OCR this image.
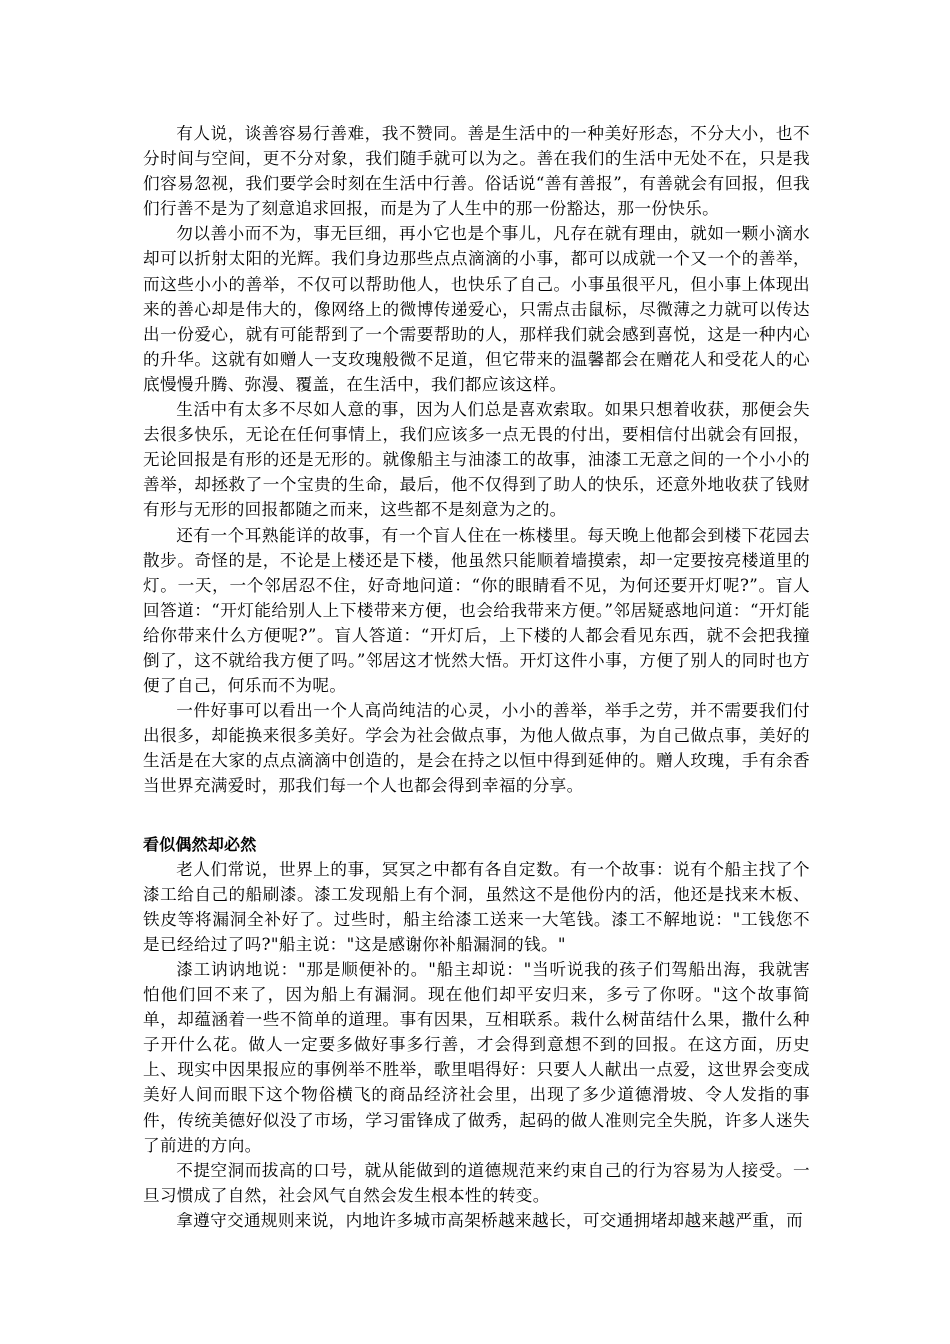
有人说，谈善容易行善难，我不赞同。善是生活中的一种美好形态，不分大小，也不分时间与空间，更不分对象，我们随手就可以为之。善在我们的生活中无处不在，只是我们容易忽视，我们要学会时刻在生活中行善。俗话说“善有善报”，有善就会有回报，但我们行善不是为了刻意追求回报，而是为了人生中的那一份豁达，那一份快乐。

勿以善小而不为，事无巨细，再小它也是个事儿，凡存在就有理由，就如一颗小滴水却可以折射太阳的光辉。我们身边那些点点滴滴的小事，都可以成就一个又一个的善举，而这些小小的善举，不仅可以帮助他人，也快乐了自己。小事虽很平凡，但小事上体现出来的善心却是伟大的，像网络上的微博传递爱心，只需点击鼠标，尽微薄之力就可以传达出一份爱心，就有可能帮到了一个需要帮助的人，那样我们就会感到喜悦，这是一种内心的升华。这就有如赠人一支玫瑰般微不足道，但它带来的温馨都会在赠花人和受花人的心底慢慢升腾、弥漫、覆盖，在生活中，我们都应该这样。

生活中有太多不尽如人意的事，因为人们总是喜欢索取。如果只想着收获，那便会失去很多快乐，无论在任何事情上，我们应该多一点无畏的付出，要相信付出就会有回报，无论回报是有形的还是无形的。就像船主与油漆工的故事，油漆工无意之间的一个小小的善举，却拯救了一个宝贵的生命，最后，他不仅得到了助人的快乐，还意外地收获了钱财有形与无形的回报都随之而来，这些都不是刻意为之的。

还有一个耳熟能详的故事，有一个盲人住在一栋楼里。每天晚上他都会到楼下花园去散步。奇怪的是，不论是上楼还是下楼，他虽然只能顺着墙摸索，却一定要按亮楼道里的灯。一天，一个邻居忍不住，好奇地问道：“你的眼睛看不见，为何还要开灯呢?”。盲人回答道：“开灯能给别人上下楼带来方便，也会给我带来方便。”邻居疑惑地问道：“开灯能给你带来什么方便呢?”。盲人答道：“开灯后，上下楼的人都会看见东西，就不会把我撞倒了，这不就给我方便了吗。”邻居这才恍然大悟。开灯这件小事，方便了别人的同时也方便了自己，何乐而不为呢。

一件好事可以看出一个人高尚纯洁的心灵，小小的善举，举手之劳，并不需要我们付出很多，却能换来很多美好。学会为社会做点事，为他人做点事，为自己做点事，美好的生活是在大家的点点滴滴中创造的，是会在持之以恒中得到延伸的。赠人玫瑰，手有余香当世界充满爱时，那我们每一个人也都会得到幸福的分享。

看似偶然却必然

老人们常说，世界上的事，冥冥之中都有各自定数。有一个故事：说有个船主找了个漆工给自己的船刷漆。漆工发现船上有个洞，虽然这不是他份内的活，他还是找来木板、铁皮等将漏洞全补好了。过些时，船主给漆工送来一大笔钱。漆工不解地说："工钱您不是已经给过了吗?"船主说："这是感谢你补船漏洞的钱。"

漆工讷讷地说："那是顺便补的。"船主却说："当听说我的孩子们驾船出海，我就害怕他们回不来了，因为船上有漏洞。现在他们却平安归来，多亏了你呀。"这个故事简单，却蕴涵着一些不简单的道理。事有因果，互相联系。栽什么树苗结什么果，撒什么种子开什么花。做人一定要多做好事多行善，才会得到意想不到的回报。在这方面，历史上、现实中因果报应的事例举不胜举，歌里唱得好：只要人人献出一点爱，这世界会变成美好人间而眼下这个物俗横飞的商品经济社会里，出现了多少道德滑坡、令人发指的事件，传统美德好似没了市场，学习雷锋成了做秀，起码的做人准则完全失脱，许多人迷失了前进的方向。

不提空洞而拔高的口号，就从能做到的道德规范来约束自己的行为容易为人接受。一旦习惯成了自然，社会风气自然会发生根本性的转变。

拿遵守交通规则来说，内地许多城市高架桥越来越长，可交通拥堵却越来越严重，而
